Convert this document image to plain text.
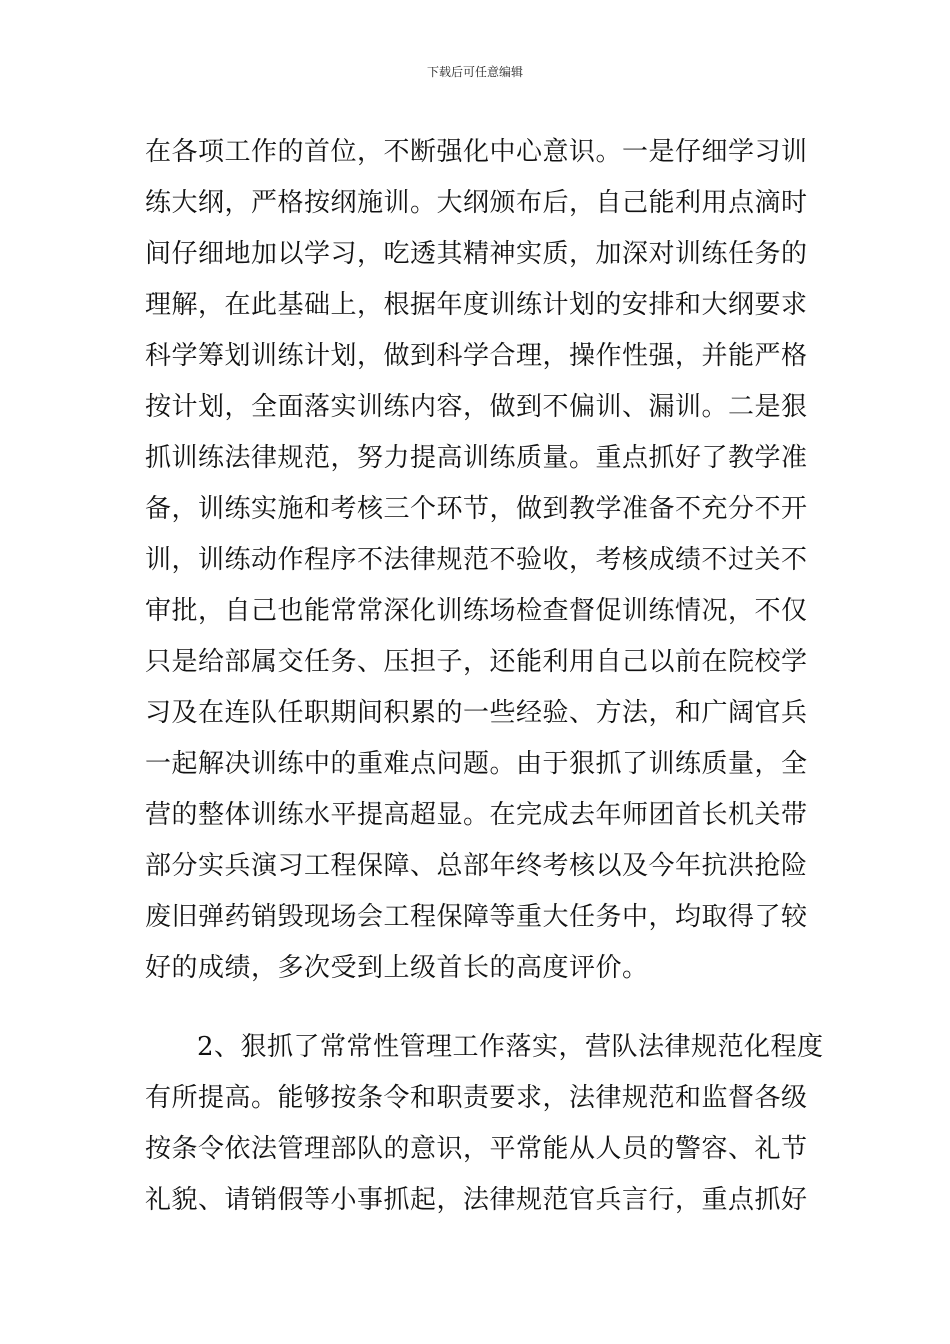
下载后可任意编辑
在各项工作的首位，不断强化中心意识。一是仔细学习训
练大纲，严格按纲施训。大纲颁布后，自己能利用点滴时
间仔细地加以学习，吃透其精神实质，加深对训练任务的
理解，在此基础上，根据年度训练计划的安排和大纲要求
科学筹划训练计划，做到科学合理，操作性强，并能严格
按计划，全面落实训练内容，做到不偏训、漏训。二是狠
抓训练法律规范，努力提高训练质量。重点抓好了教学准
备，训练实施和考核三个环节，做到教学准备不充分不开
训，训练动作程序不法律规范不验收，考核成绩不过关不
审批，自己也能常常深化训练场检查督促训练情况，不仅
只是给部属交任务、压担子，还能利用自己以前在院校学
习及在连队任职期间积累的一些经验、方法，和广阔官兵
一起解决训练中的重难点问题。由于狠抓了训练质量，全
营的整体训练水平提高超显。在完成去年师团首长机关带
部分实兵演习工程保障、总部年终考核以及今年抗洪抢险
废旧弹药销毁现场会工程保障等重大任务中，均取得了较
好的成绩，多次受到上级首长的高度评价。
2、狠抓了常常性管理工作落实，营队法律规范化程度
有所提高。能够按条令和职责要求，法律规范和监督各级
按条令依法管理部队的意识，平常能从人员的警容、礼节
礼貌、请销假等小事抓起，法律规范官兵言行，重点抓好
